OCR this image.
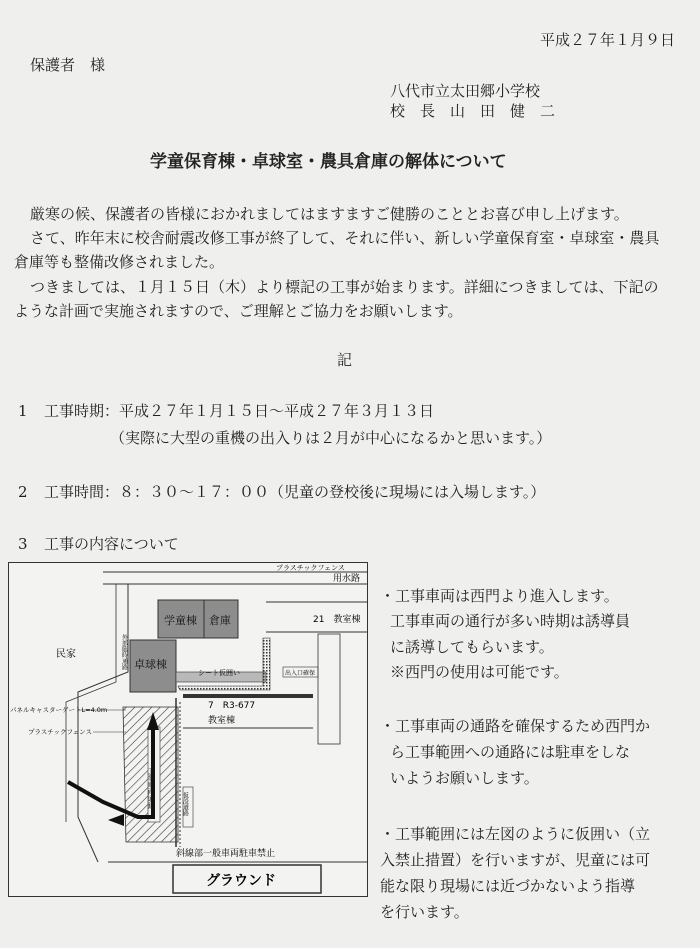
平成２７年１月９日
保護者　様
八代市立太田郷小学校
校　長　山　田　健　二
学童保育棟・卓球室・農具倉庫の解体について
厳寒の候、保護者の皆様におかれましてはますますご健勝のこととお喜び申し上げます。
さて、昨年末に校舎耐震改修工事が終了して、それに伴い、新しい学童保育室・卓球室・農具
倉庫等も整備改修されました。
つきましては、１月１５日（木）より標記の工事が始まります。詳細につきましては、下記の
ような計画で実施されますので、ご理解とご協力をお願いします。
記
1 工事時期：平成２７年１月１５日～平成２７年３月１３日
（実際に大型の重機の出入りは２月が中心になるかと思います。）
2 工事時間：８：３０～１７：００（児童の登校後に現場には入場します。）
3 工事の内容について
・工事車両は西門より進入します。
工事車両の通行が多い時期は誘導員
に誘導してもらいます。
※西門の使用は可能です。
・工事車両の通路を確保するため西門か
ら工事範囲への通路には駐車をしな
いようお願いします。
・工事範囲には左図のように仮囲い（立
入禁止措置）を行いますが、児童には可
能な限り現場には近づかないよう指導
を行います。
プラスチックフェンス
用水路
学童棟 倉庫
卓球棟
21　教室棟
シート仮囲い	出入口確保
7　R3-677
教室棟
工事車両通路	仮設道路
外部臨時通路
民家
パネルキャスターゲートL=4.0m
プラスチックフェンス
斜線部一般車両駐車禁止
グラウンド
